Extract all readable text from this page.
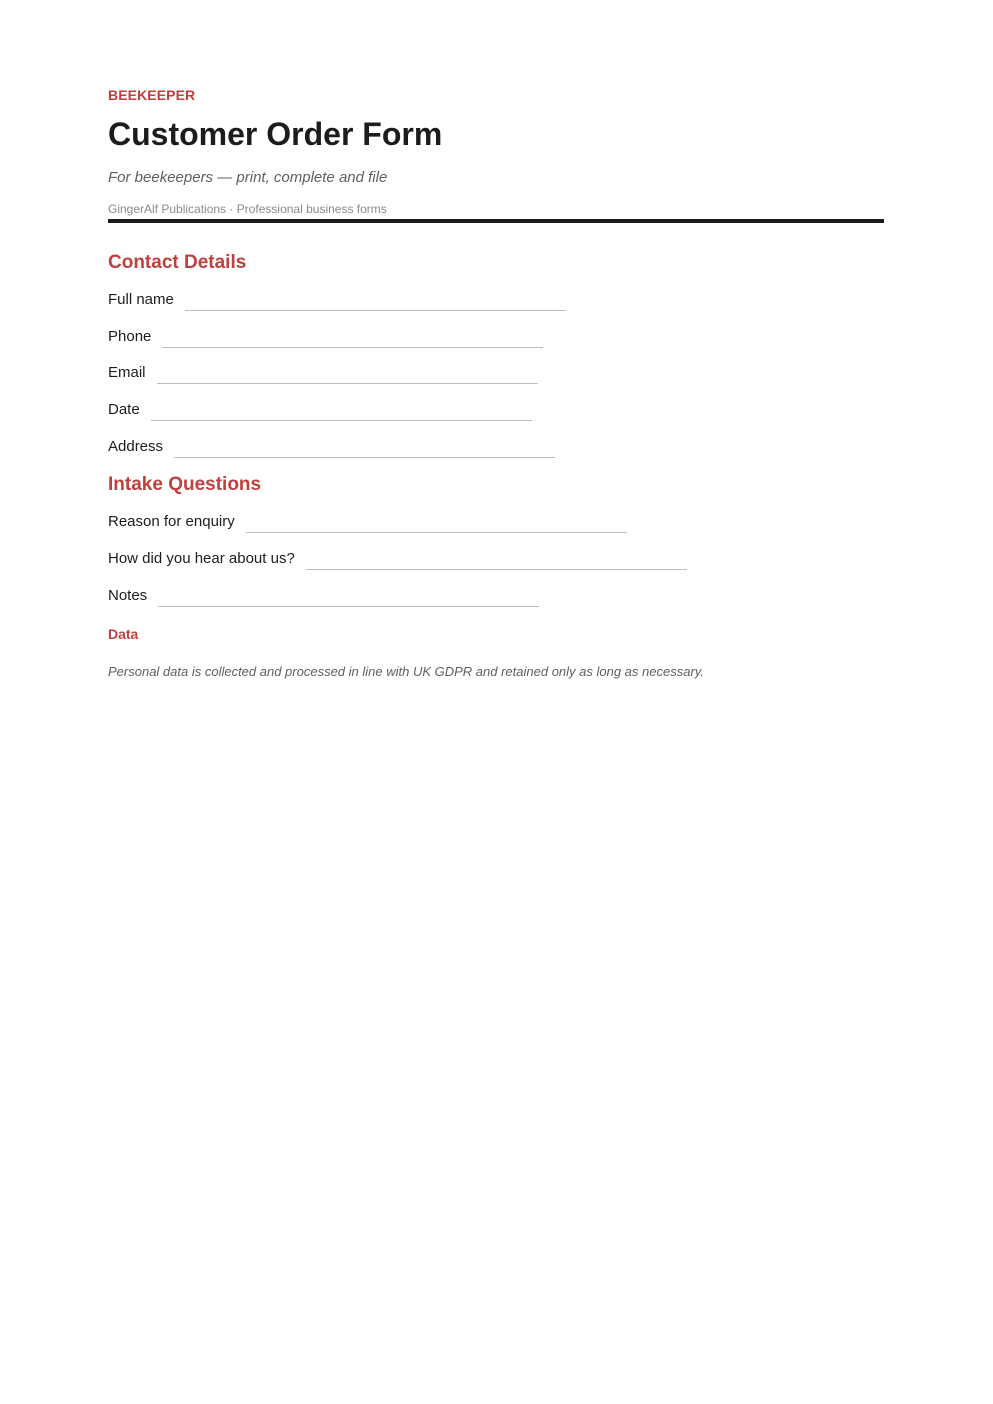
BEEKEEPER
Customer Order Form
For beekeepers — print, complete and file
GingerAlf Publications · Professional business forms
Contact Details
Full name
Phone
Email
Date
Address
Intake Questions
Reason for enquiry
How did you hear about us?
Notes
Data
Personal data is collected and processed in line with UK GDPR and retained only as long as necessary.
